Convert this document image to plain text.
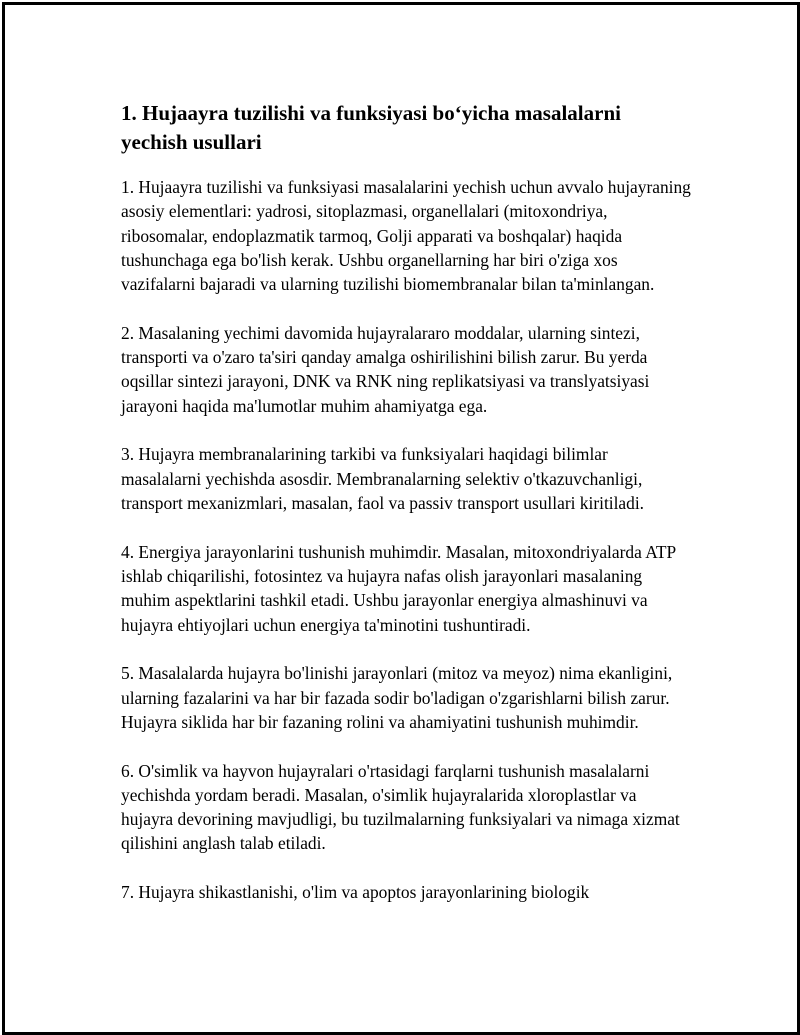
1. Hujaayra tuzilishi va funksiyasi bo‘yicha masalalarni yechish usullari

1. Hujaayra tuzilishi va funksiyasi masalalarini yechish uchun avvalo hujayraning asosiy elementlari: yadrosi, sitoplazmasi, organellalari (mitoxondriya, ribosomalar, endoplazmatik tarmoq, Golji apparati va boshqalar) haqida tushunchaga ega bo'lish kerak. Ushbu organellarning har biri o'ziga xos vazifalarni bajaradi va ularning tuzilishi biomembranalar bilan ta'minlangan.

2. Masalaning yechimi davomida hujayralararo moddalar, ularning sintezi, transporti va o'zaro ta'siri qanday amalga oshirilishini bilish zarur. Bu yerda oqsillar sintezi jarayoni, DNK va RNK ning replikatsiyasi va translyatsiyasi jarayoni haqida ma'lumotlar muhim ahamiyatga ega.

3. Hujayra membranalarining tarkibi va funksiyalari haqidagi bilimlar masalalarni yechishda asosdir. Membranalarning selektiv o'tkazuvchanligi, transport mexanizmlari, masalan, faol va passiv transport usullari kiritiladi.

4. Energiya jarayonlarini tushunish muhimdir. Masalan, mitoxondriyalarda ATP ishlab chiqarilishi, fotosintez va hujayra nafas olish jarayonlari masalaning muhim aspektlarini tashkil etadi. Ushbu jarayonlar energiya almashinuvi va hujayra ehtiyojlari uchun energiya ta'minotini tushuntiradi.

5. Masalalarda hujayra bo'linishi jarayonlari (mitoz va meyoz) nima ekanligini, ularning fazalarini va har bir fazada sodir bo'ladigan o'zgarishlarni bilish zarur. Hujayra siklida har bir fazaning rolini va ahamiyatini tushunish muhimdir.

6. O'simlik va hayvon hujayralari o'rtasidagi farqlarni tushunish masalalarni yechishda yordam beradi. Masalan, o'simlik hujayralarida xloroplastlar va hujayra devorining mavjudligi, bu tuzilmalarning funksiyalari va nimaga xizmat qilishini anglash talab etiladi.

7. Hujayra shikastlanishi, o'lim va apoptos jarayonlarining biologik
